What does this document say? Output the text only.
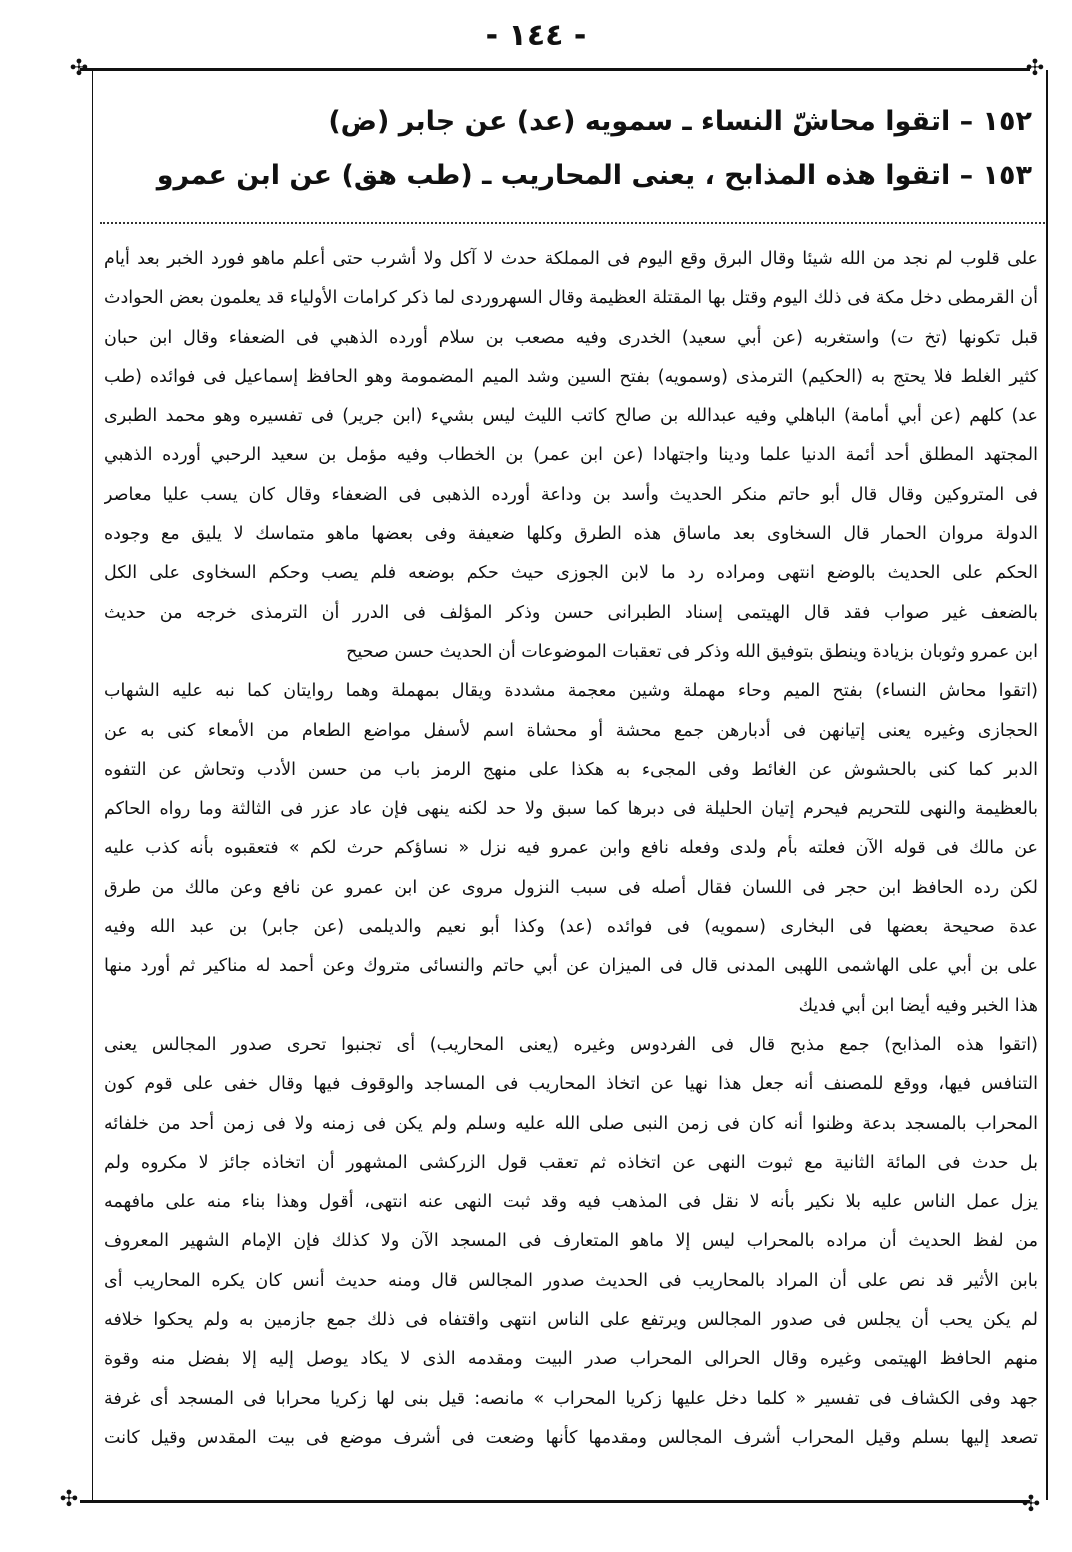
- ١٤٤ -
✣	✣
✣	✣
١٥٢ – اتقوا محاشّ النساء ـ سمويه (عد) عن جابر (ض)
١٥٣ – اتقوا هذه المذابح ، يعنى المحاريب ـ (طب هق) عن ابن عمرو
على قلوب لم نجد من الله شيئا وقال البرق وقع اليوم فى المملكة حدث لا آكل ولا أشرب حتى أعلم ماهو فورد الخبر بعد أيام
أن القرمطى دخل مكة فى ذلك اليوم وقتل بها المقتلة العظيمة وقال السهروردى لما ذكر كرامات الأولياء قد يعلمون بعض الحوادث
قبل تكونها (تخ ت) واستغربه (عن أبي سعيد) الخدرى وفيه مصعب بن سلام أورده الذهبي فى الضعفاء وقال ابن حبان
كثير الغلط فلا يحتج به (الحكيم) الترمذى (وسمويه) بفتح السين وشد الميم المضمومة وهو الحافظ إسماعيل فى فوائده (طب
عد) كلهم (عن أبي أمامة) الباهلي وفيه عبدالله بن صالح كاتب الليث ليس بشيء (ابن جرير) فى تفسيره وهو محمد الطبرى
المجتهد المطلق أحد أئمة الدنيا علما ودينا واجتهادا (عن ابن عمر) بن الخطاب وفيه مؤمل بن سعيد الرحبي أورده الذهبي
فى المتروكين وقال قال أبو حاتم منكر الحديث وأسد بن وداعة أورده الذهبى فى الضعفاء وقال كان يسب عليا معاصر
الدولة مروان الحمار قال السخاوى بعد ماساق هذه الطرق وكلها ضعيفة وفى بعضها ماهو متماسك لا يليق مع وجوده
الحكم على الحديث بالوضع انتهى ومراده رد ما لابن الجوزى حيث حكم بوضعه فلم يصب وحكم السخاوى على الكل
بالضعف غير صواب فقد قال الهيتمى إسناد الطبرانى حسن وذكر المؤلف فى الدرر أن الترمذى خرجه من حديث
ابن عمرو وثوبان بزيادة وينطق بتوفيق الله وذكر فى تعقبات الموضوعات أن الحديث حسن صحيح
(اتقوا محاش النساء) بفتح الميم وحاء مهملة وشين معجمة مشددة ويقال بمهملة وهما روايتان كما نبه عليه الشهاب
الحجازى وغيره يعنى إتيانهن فى أدبارهن جمع محشة أو محشاة اسم لأسفل مواضع الطعام من الأمعاء كنى به عن
الدبر كما كنى بالحشوش عن الغائط وفى المجىء به هكذا على منهج الرمز باب من حسن الأدب وتحاش عن التفوه
بالعظيمة والنهى للتحريم فيحرم إتيان الحليلة فى دبرها كما سبق ولا حد لكنه ينهى فإن عاد عزر فى الثالثة وما رواه الحاكم
عن مالك فى قوله الآن فعلته بأم ولدى وفعله نافع وابن عمرو فيه نزل « نساؤكم حرث لكم » فتعقبوه بأنه كذب عليه
لكن رده الحافظ ابن حجر فى اللسان فقال أصله فى سبب النزول مروى عن ابن عمرو عن نافع وعن مالك من طرق
عدة صحيحة بعضها فى البخارى (سمويه) فى فوائده (عد) وكذا أبو نعيم والديلمى (عن جابر) بن عبد الله وفيه
على بن أبي على الهاشمى اللهبى المدنى قال فى الميزان عن أبي حاتم والنسائى متروك وعن أحمد له مناكير ثم أورد منها
هذا الخبر وفيه أيضا ابن أبي فديك
(اتقوا هذه المذابح) جمع مذبح قال فى الفردوس وغيره (يعنى المحاريب) أى تجنبوا تحرى صدور المجالس يعنى
التنافس فيها، ووقع للمصنف أنه جعل هذا نهيا عن اتخاذ المحاريب فى المساجد والوقوف فيها وقال خفى على قوم كون
المحراب بالمسجد بدعة وظنوا أنه كان فى زمن النبى صلى الله عليه وسلم ولم يكن فى زمنه ولا فى زمن أحد من خلفائه
بل حدث فى المائة الثانية مع ثبوت النهى عن اتخاذه ثم تعقب قول الزركشى المشهور أن اتخاذه جائز لا مكروه ولم
يزل عمل الناس عليه بلا نكير بأنه لا نقل فى المذهب فيه وقد ثبت النهى عنه انتهى، أقول وهذا بناء منه على مافهمه
من لفظ الحديث أن مراده بالمحراب ليس إلا ماهو المتعارف فى المسجد الآن ولا كذلك فإن الإمام الشهير المعروف
بابن الأثير قد نص على أن المراد بالمحاريب فى الحديث صدور المجالس قال ومنه حديث أنس كان يكره المحاريب أى
لم يكن يحب أن يجلس فى صدور المجالس ويرتفع على الناس انتهى واقتفاه فى ذلك جمع جازمين به ولم يحكوا خلافه
منهم الحافظ الهيتمى وغيره وقال الحرالى المحراب صدر البيت ومقدمه الذى لا يكاد يوصل إليه إلا بفضل منه وقوة
جهد وفى الكشاف فى تفسير « كلما دخل عليها زكريا المحراب » مانصه: قيل بنى لها زكريا محرابا فى المسجد أى غرفة
تصعد إليها بسلم وقيل المحراب أشرف المجالس ومقدمها كأنها وضعت فى أشرف موضع فى بيت المقدس وقيل كانت
